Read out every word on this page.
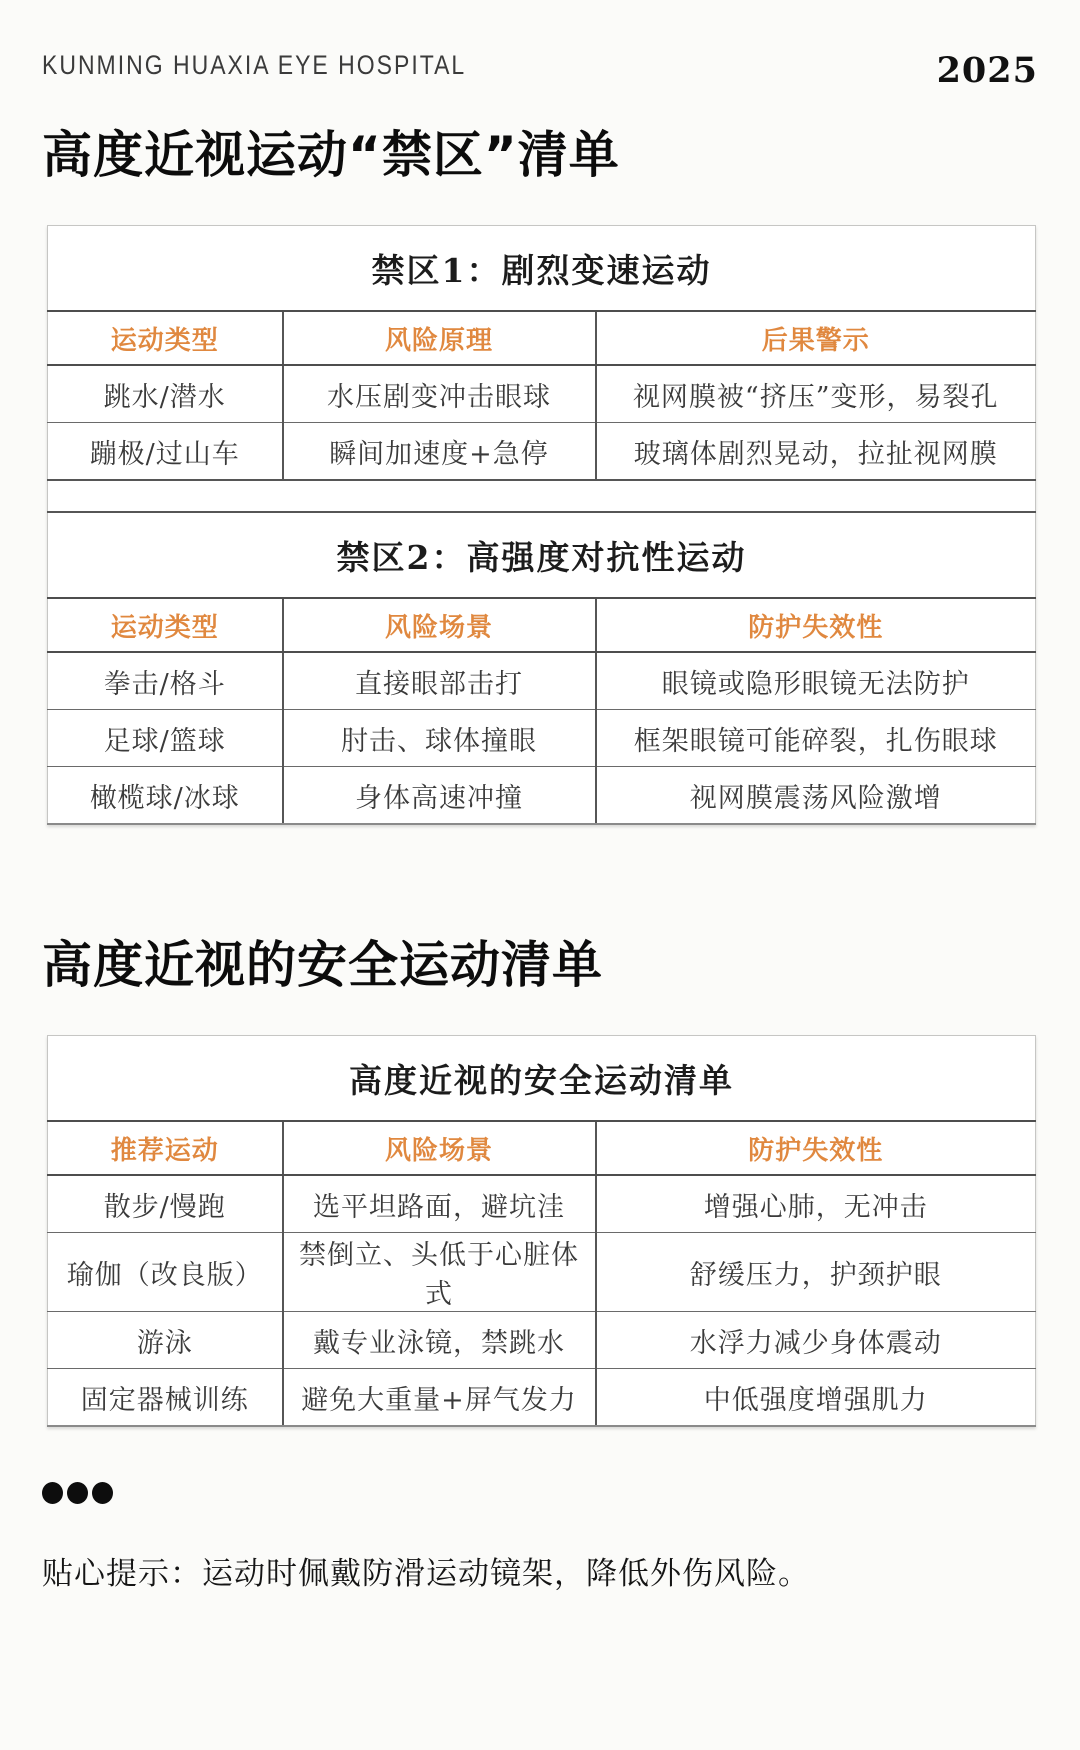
KUNMING HUAXIA EYE HOSPITAL	2025
高度近视运动“禁区”清单
禁区1：剧烈变速运动		
运动类型	风险原理	后果警示
跳水/潜水	水压剧变冲击眼球	视网膜被“挤压”变形，易裂孔
蹦极/过山车	瞬间加速度+急停	玻璃体剧烈晃动，拉扯视网膜

禁区2：高强度对抗性运动		
运动类型	风险场景	防护失效性
拳击/格斗	直接眼部击打	眼镜或隐形眼镜无法防护
足球/篮球	肘击、球体撞眼	框架眼镜可能碎裂，扎伤眼球
橄榄球/冰球	身体高速冲撞	视网膜震荡风险激增
高度近视的安全运动清单
高度近视的安全运动清单		
推荐运动	风险场景	防护失效性
散步/慢跑	选平坦路面，避坑洼	增强心肺，无冲击
瑜伽（改良版）	禁倒立、头低于心脏体式	舒缓压力，护颈护眼
游泳	戴专业泳镜，禁跳水	水浮力减少身体震动
固定器械训练	避免大重量+屏气发力	中低强度增强肌力
贴心提示：运动时佩戴防滑运动镜架，降低外伤风险。
